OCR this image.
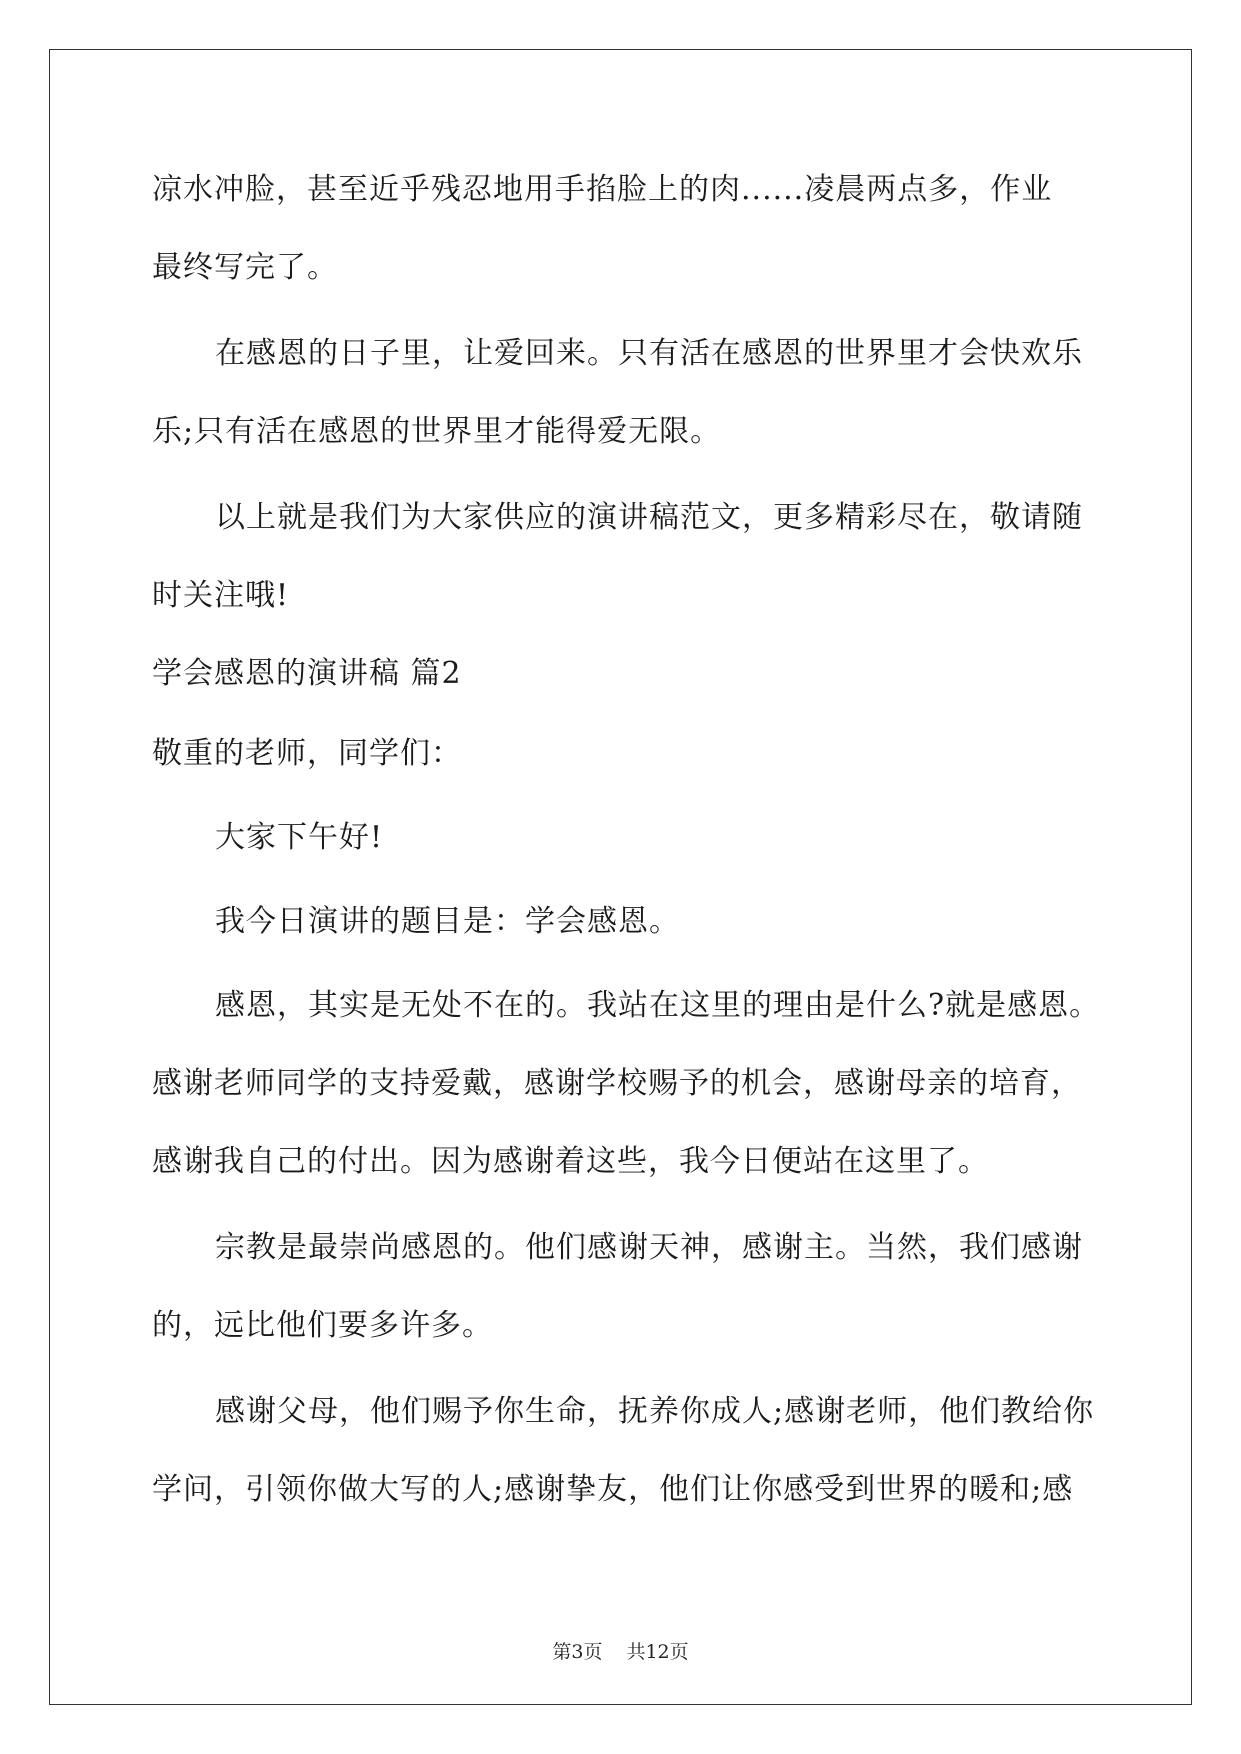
凉水冲脸，甚至近乎残忍地用手掐脸上的肉......凌晨两点多，作业
最终写完了。
在感恩的日子里，让爱回来。只有活在感恩的世界里才会快欢乐
乐;只有活在感恩的世界里才能得爱无限。
以上就是我们为大家供应的演讲稿范文，更多精彩尽在，敬请随
时关注哦!
学会感恩的演讲稿 篇2
敬重的老师，同学们：
大家下午好!
我今日演讲的题目是：学会感恩。
感恩，其实是无处不在的。我站在这里的理由是什么?就是感恩。
感谢老师同学的支持爱戴，感谢学校赐予的机会，感谢母亲的培育，
感谢我自己的付出。因为感谢着这些，我今日便站在这里了。
宗教是最崇尚感恩的。他们感谢天神，感谢主。当然，我们感谢
的，远比他们要多许多。
感谢父母，他们赐予你生命，抚养你成人;感谢老师，他们教给你
学问，引领你做大写的人;感谢挚友，他们让你感受到世界的暖和;感
第3页 共12页
